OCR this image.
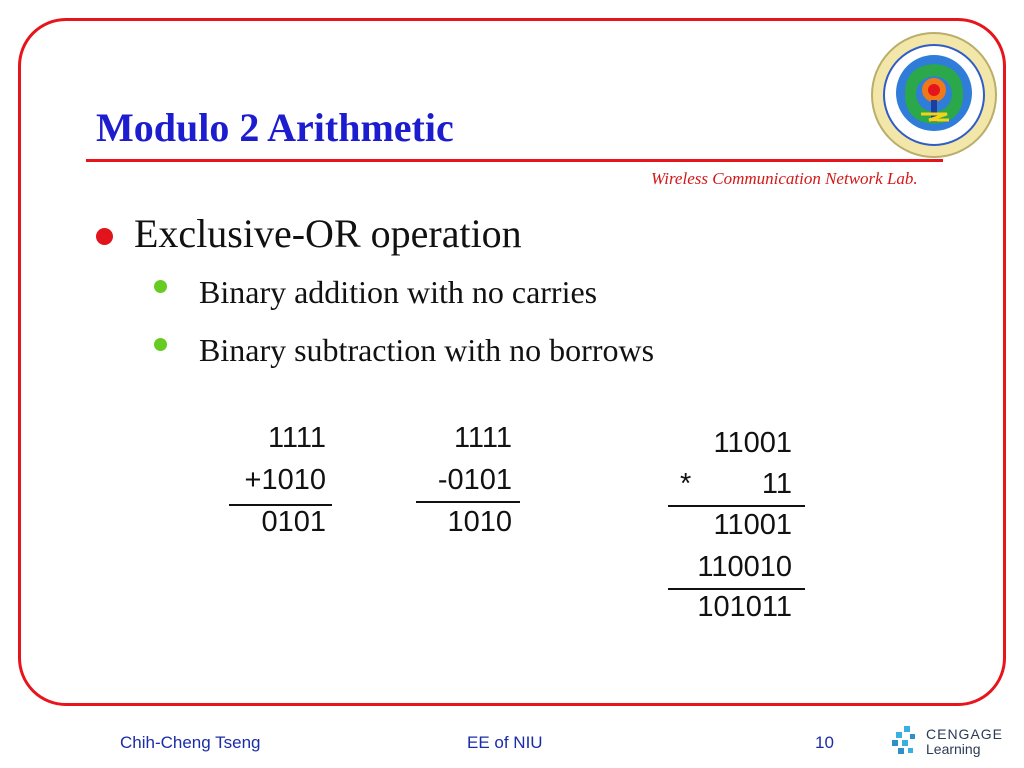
Modulo 2 Arithmetic
Wireless Communication Network Lab.
Exclusive-OR operation
Binary addition with no carries
Binary subtraction with no borrows
1111
+1010
0101
1111
-0101
1010
11001
*	11
11001
110010
101011
Chih-Cheng Tseng	EE of NIU	10	CENGAGE
Learning
